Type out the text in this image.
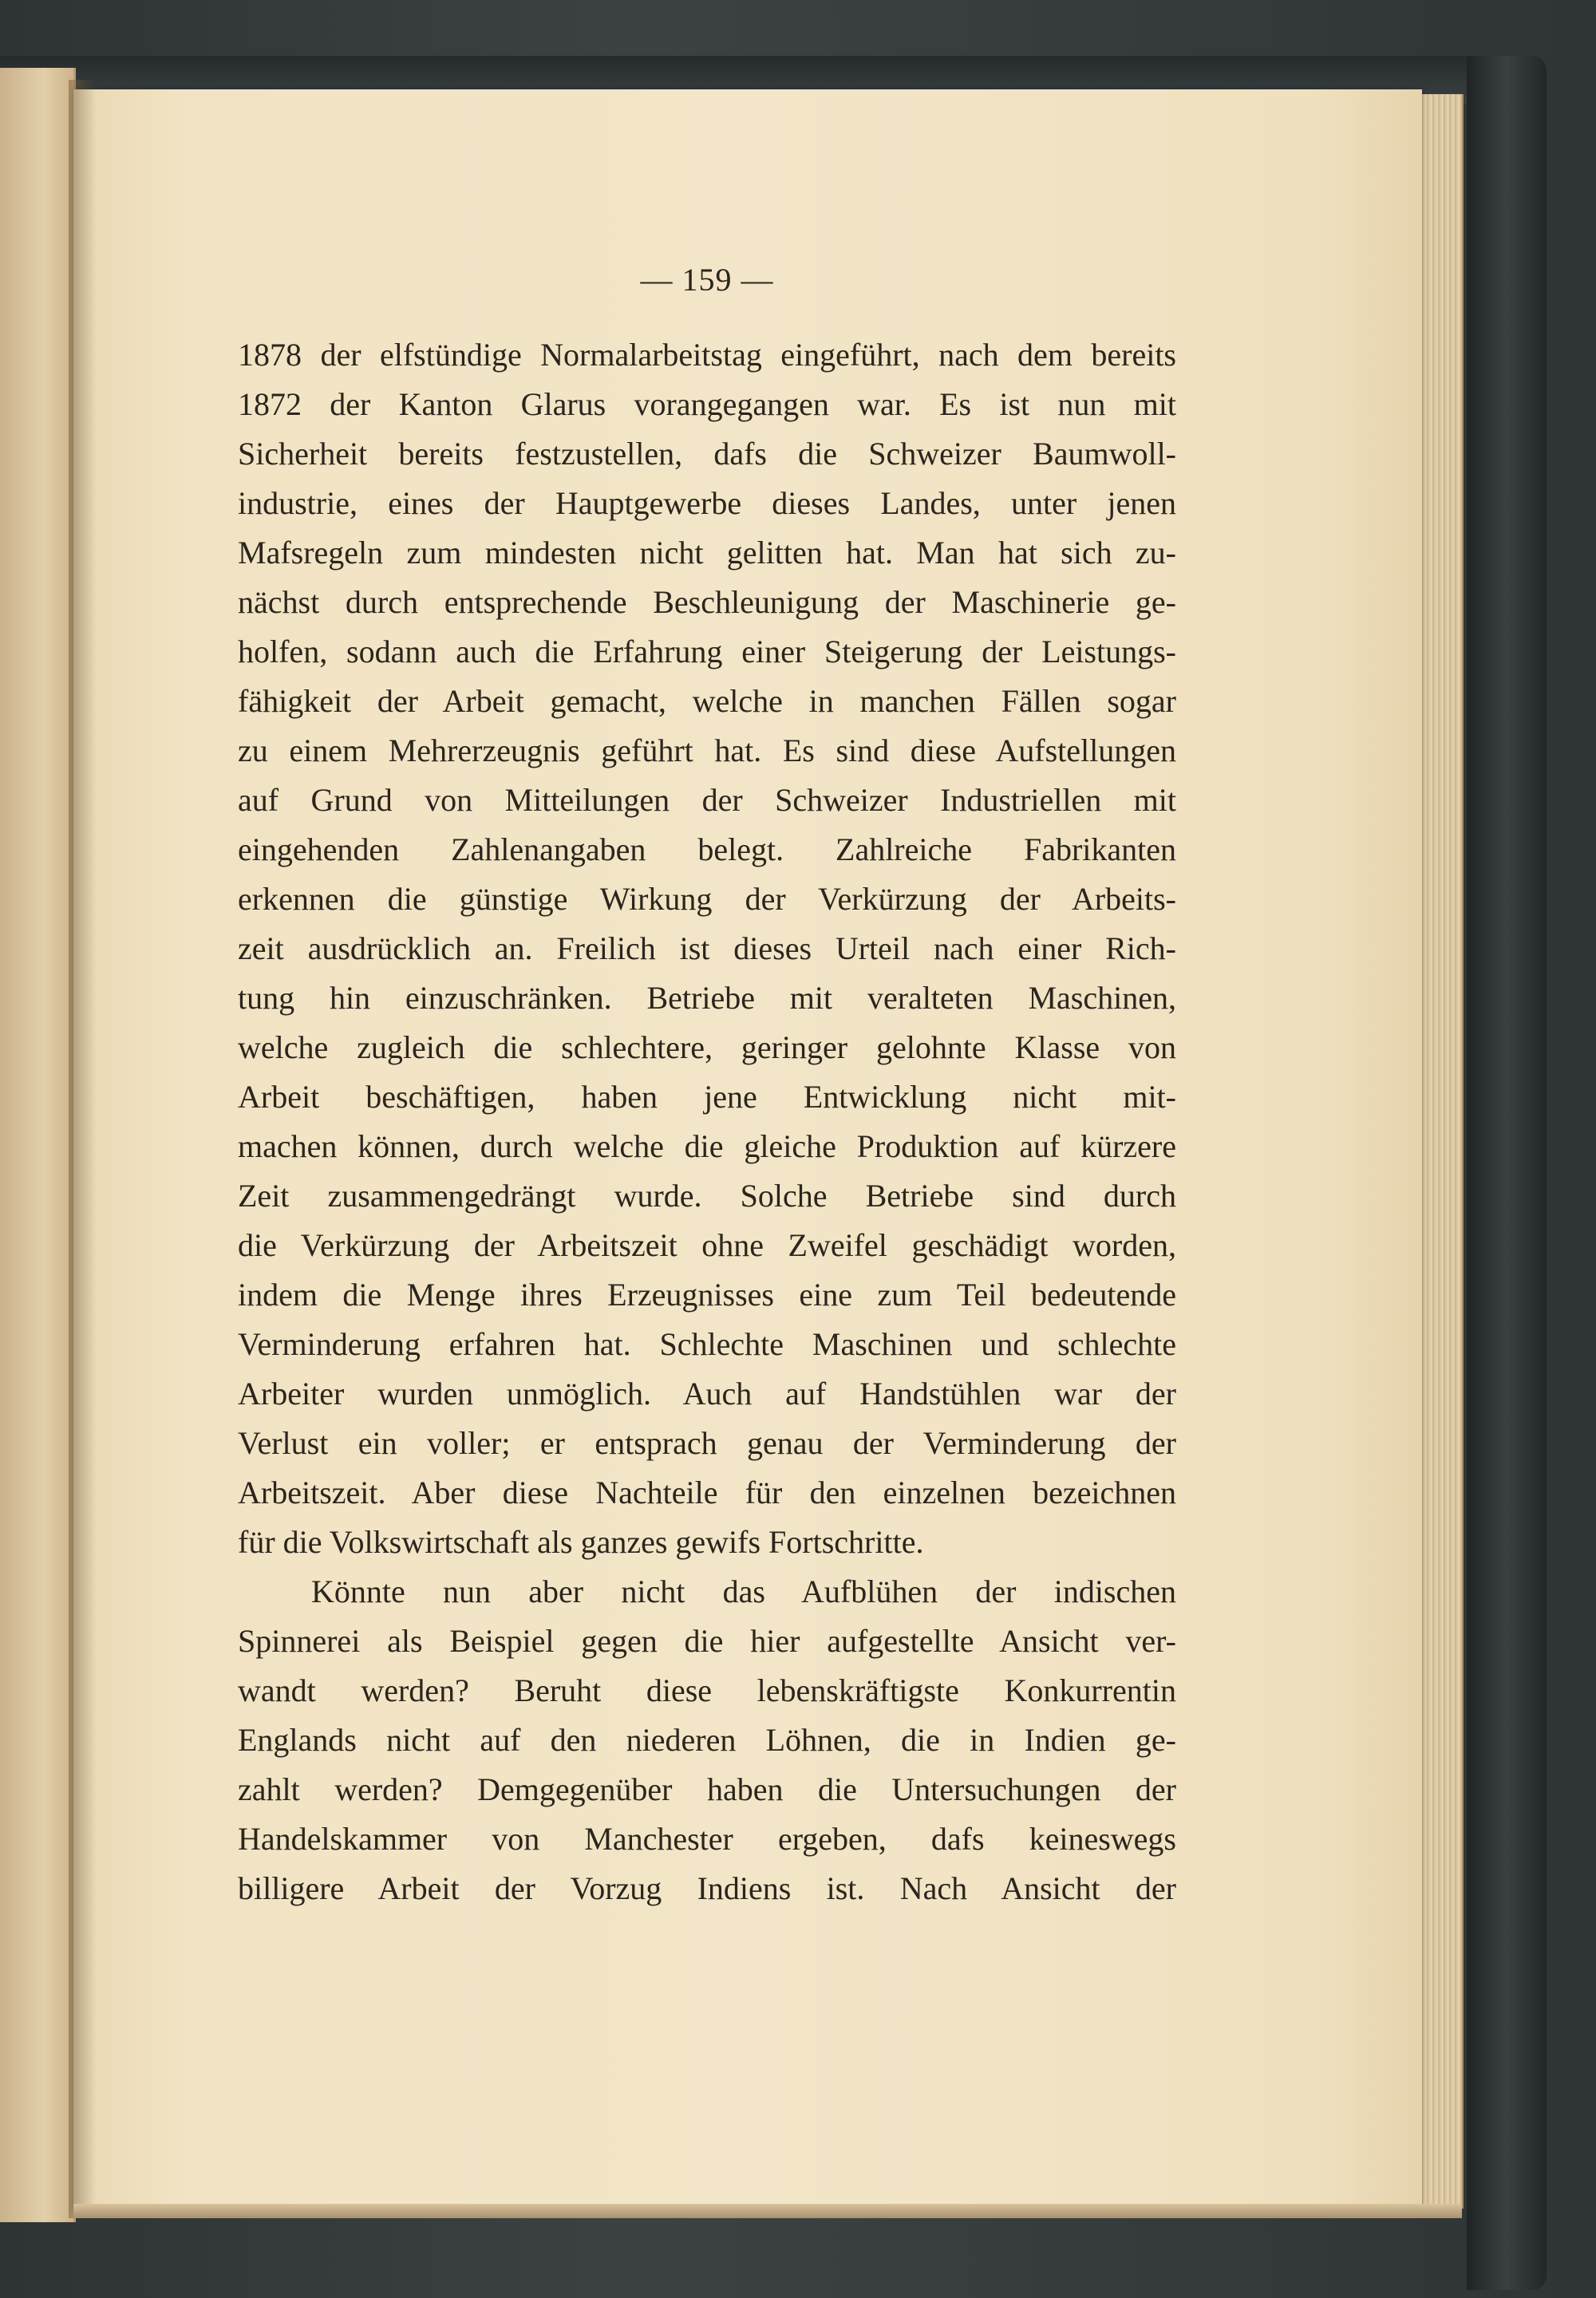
— 159 —
1878 der elfstündige Normalarbeitstag eingeführt, nach dem bereits
1872 der Kanton Glarus vorangegangen war. Es ist nun mit
Sicherheit bereits festzustellen, dafs die Schweizer Baumwoll-
industrie, eines der Hauptgewerbe dieses Landes, unter jenen
Mafsregeln zum mindesten nicht gelitten hat. Man hat sich zu-
nächst durch entsprechende Beschleunigung der Maschinerie ge-
holfen, sodann auch die Erfahrung einer Steigerung der Leistungs-
fähigkeit der Arbeit gemacht, welche in manchen Fällen sogar
zu einem Mehrerzeugnis geführt hat. Es sind diese Aufstellungen
auf Grund von Mitteilungen der Schweizer Industriellen mit
eingehenden Zahlenangaben belegt. Zahlreiche Fabrikanten
erkennen die günstige Wirkung der Verkürzung der Arbeits-
zeit ausdrücklich an. Freilich ist dieses Urteil nach einer Rich-
tung hin einzuschränken. Betriebe mit veralteten Maschinen,
welche zugleich die schlechtere, geringer gelohnte Klasse von
Arbeit beschäftigen, haben jene Entwicklung nicht mit-
machen können, durch welche die gleiche Produktion auf kürzere
Zeit zusammengedrängt wurde. Solche Betriebe sind durch
die Verkürzung der Arbeitszeit ohne Zweifel geschädigt worden,
indem die Menge ihres Erzeugnisses eine zum Teil bedeutende
Verminderung erfahren hat. Schlechte Maschinen und schlechte
Arbeiter wurden unmöglich. Auch auf Handstühlen war der
Verlust ein voller; er entsprach genau der Verminderung der
Arbeitszeit. Aber diese Nachteile für den einzelnen bezeichnen
für die Volkswirtschaft als ganzes gewifs Fortschritte.
Könnte nun aber nicht das Aufblühen der indischen
Spinnerei als Beispiel gegen die hier aufgestellte Ansicht ver-
wandt werden? Beruht diese lebenskräftigste Konkurrentin
Englands nicht auf den niederen Löhnen, die in Indien ge-
zahlt werden? Demgegenüber haben die Untersuchungen der
Handelskammer von Manchester ergeben, dafs keineswegs
billigere Arbeit der Vorzug Indiens ist. Nach Ansicht der
